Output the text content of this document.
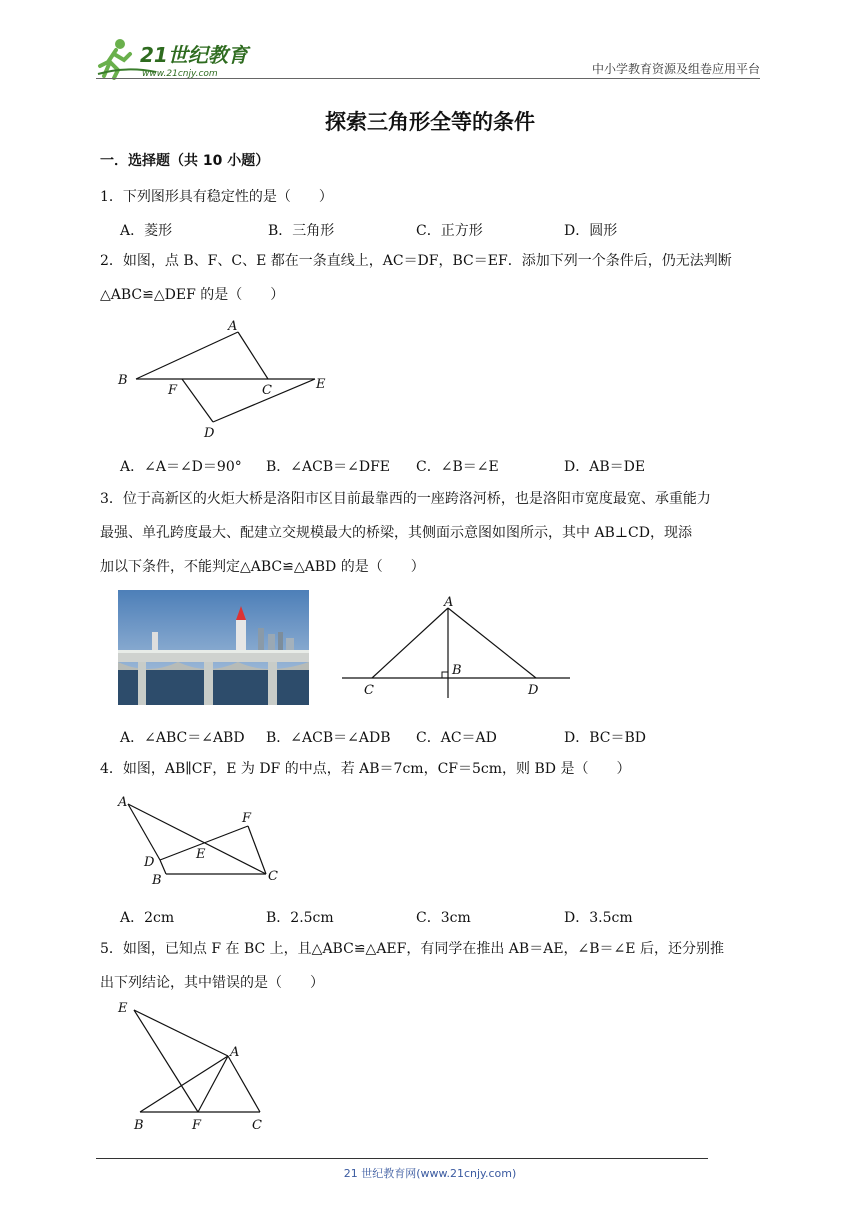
21世纪教育
www.21cnjy.com	中小学教育资源及组卷应用平台
探索三角形全等的条件
一．选择题（共 10 小题）
1．下列图形具有稳定性的是（　　）
A．菱形	B．三角形	C．正方形	D．圆形
2．如图，点 B、F、C、E 都在一条直线上，AC＝DF，BC＝EF．添加下列一个条件后，仍无法判断
△ABC≌△DEF 的是（　　）
A
B
F	C	E
D
A．∠A＝∠D＝90° B．∠ACB＝∠DFE C．∠B＝∠E	D．AB＝DE
3．位于高新区的火炬大桥是洛阳市区目前最靠西的一座跨洛河桥，也是洛阳市宽度最宽、承重能力
最强、单孔跨度最大、配建立交规模最大的桥梁，其侧面示意图如图所示，其中 AB⊥CD，现添
加以下条件，不能判定△ABC≌△ABD 的是（　　）
A
B
C	D
A．∠ABC＝∠ABD B．∠ACB＝∠ADB C．AC＝AD	D．BC＝BD
4．如图，AB∥CF，E 为 DF 的中点，若 AB＝7cm，CF＝5cm，则 BD 是（　　）
A
F
E
D
B	C
A．2cm	B．2.5cm	C．3cm	D．3.5cm
5．如图，已知点 F 在 BC 上，且△ABC≌△AEF，有同学在推出 AB＝AE，∠B＝∠E 后，还分别推
出下列结论，其中错误的是（　　）
E
A
B	F	C
21 世纪教育网(www.21cnjy.com)
